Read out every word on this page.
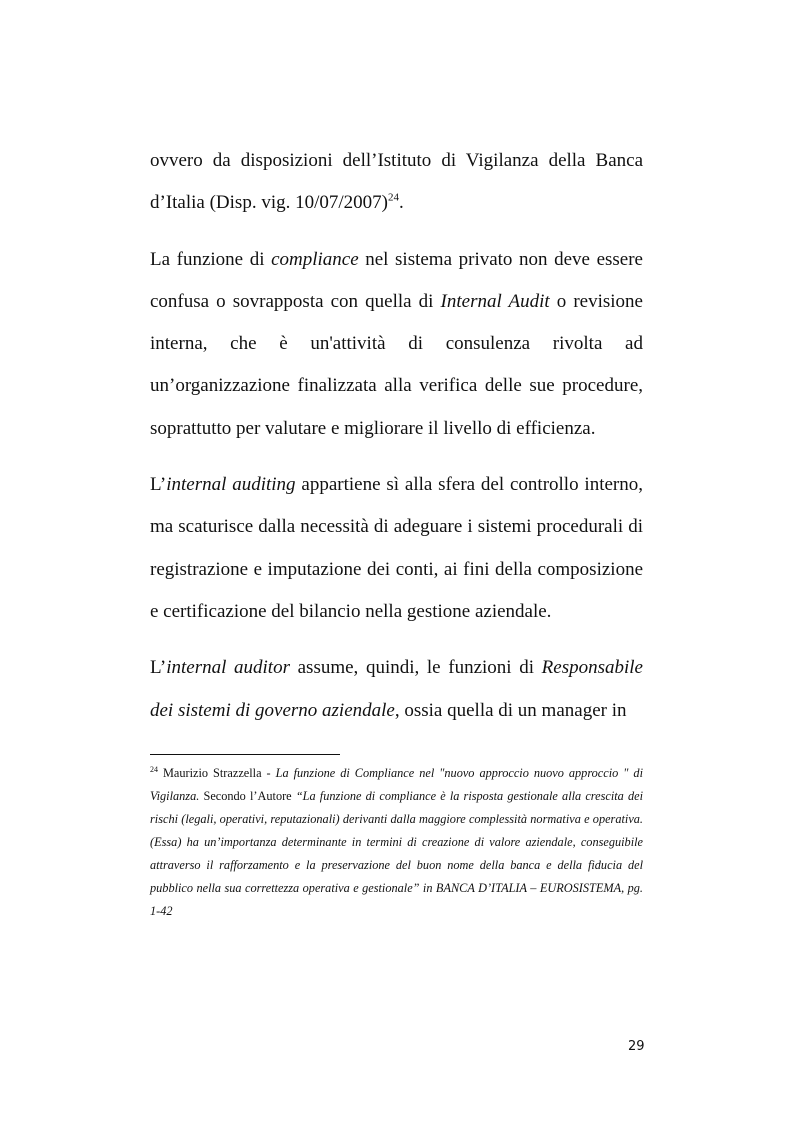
ovvero da disposizioni dell’Istituto di Vigilanza della Banca d’Italia (Disp. vig. 10/07/2007)$^{24}$.

La funzione di compliance nel sistema privato non deve essere confusa o sovrapposta con quella di Internal Audit o revisione interna, che è un'attività di consulenza rivolta ad un’organizzazione finalizzata alla verifica delle sue procedure, soprattutto per valutare e migliorare il livello di efficienza.

L’internal auditing appartiene sì alla sfera del controllo interno, ma scaturisce dalla necessità di adeguare i sistemi procedurali di registrazione e imputazione dei conti, ai fini della composizione e certificazione del bilancio nella gestione aziendale.

L’internal auditor assume, quindi, le funzioni di Responsabile dei sistemi di governo aziendale, ossia quella di un manager in

$^{24}$ Maurizio Strazzella - La funzione di Compliance nel "nuovo approccio nuovo approccio " di Vigilanza. Secondo l’Autore “La funzione di compliance è la risposta gestionale alla crescita dei rischi (legali, operativi, reputazionali) derivanti dalla maggiore complessità normativa e operativa. (Essa) ha un’importanza determinante in termini di creazione di valore aziendale, conseguibile attraverso il rafforzamento e la preservazione del buon nome della banca e della fiducia del pubblico nella sua correttezza operativa e gestionale” in BANCA D’ITALIA – EUROSISTEMA, pg. 1-42
29
